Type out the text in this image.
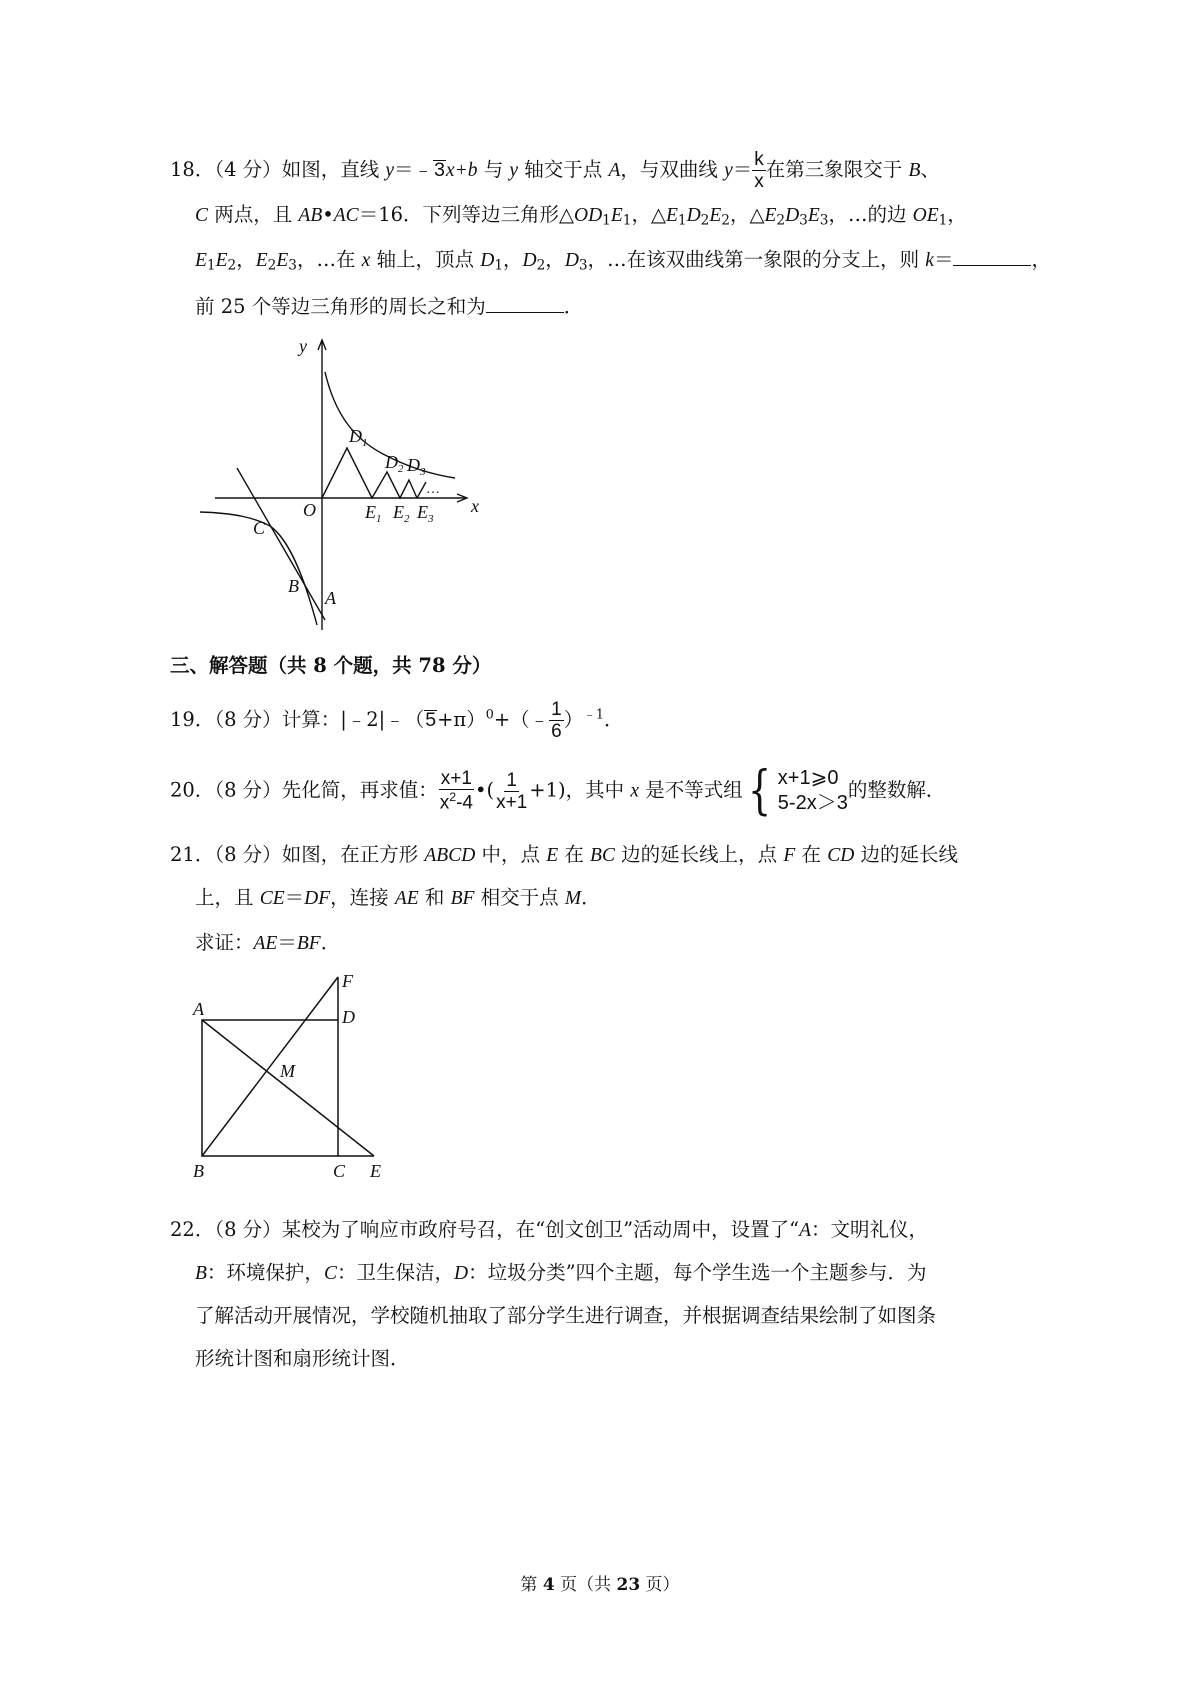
18．（4 分）如图，直线 y＝﹣3x+b 与 y 轴交于点 A，与双曲线 $y= \frac{k}{x}$ 在第三象限交于 B、
C 两点，且 AB•AC＝16．下列等边三角形$\triangle OD_1E_1$，$\triangle E_1D_2E_2$，$\triangle E_2D_3E_3$，…的边 $OE_1$，
$E_1E_2$，$E_2E_3$，…在 x 轴上，顶点 $D_1$，$D_2$，$D_3$，…在该双曲线第一象限的分支上，则 k＝	，
前 25 个等边三角形的周长之和为	．
y
x
O
A
B
C
$D_1$
$D_2$ $D_3$
$E_1$ $E_2$ $E_3$
…
三、解答题（共 8 个题，共 78 分）
19．（8 分）计算：$|﹣2|﹣(5+\pi)^0+(﹣ \frac{1}{6} )^{﹣1}$．
20．（8 分）先化简，再求值： $\frac{x+1}{x^2-4}$ •( $\frac{1}{x+1} +1$)，其中 x 是不等式组 { x+1⩾0
5-2x＞3
的整数解．
21．（8 分）如图，在正方形 ABCD 中，点 E 在 BC 边的延长线上，点 F 在 CD 边的延长线
上，且 CE＝DF，连接 AE 和 BF 相交于点 M．
求证：AE＝BF．
A
B	C
D
E
F
M
22．（8 分）某校为了响应市政府号召，在“创文创卫”活动周中，设置了“A：文明礼仪，
B：环境保护，C：卫生保洁，D：垃圾分类”四个主题，每个学生选一个主题参与．为
了解活动开展情况，学校随机抽取了部分学生进行调查，并根据调查结果绘制了如图条
形统计图和扇形统计图．
第 4 页（共 23 页）
